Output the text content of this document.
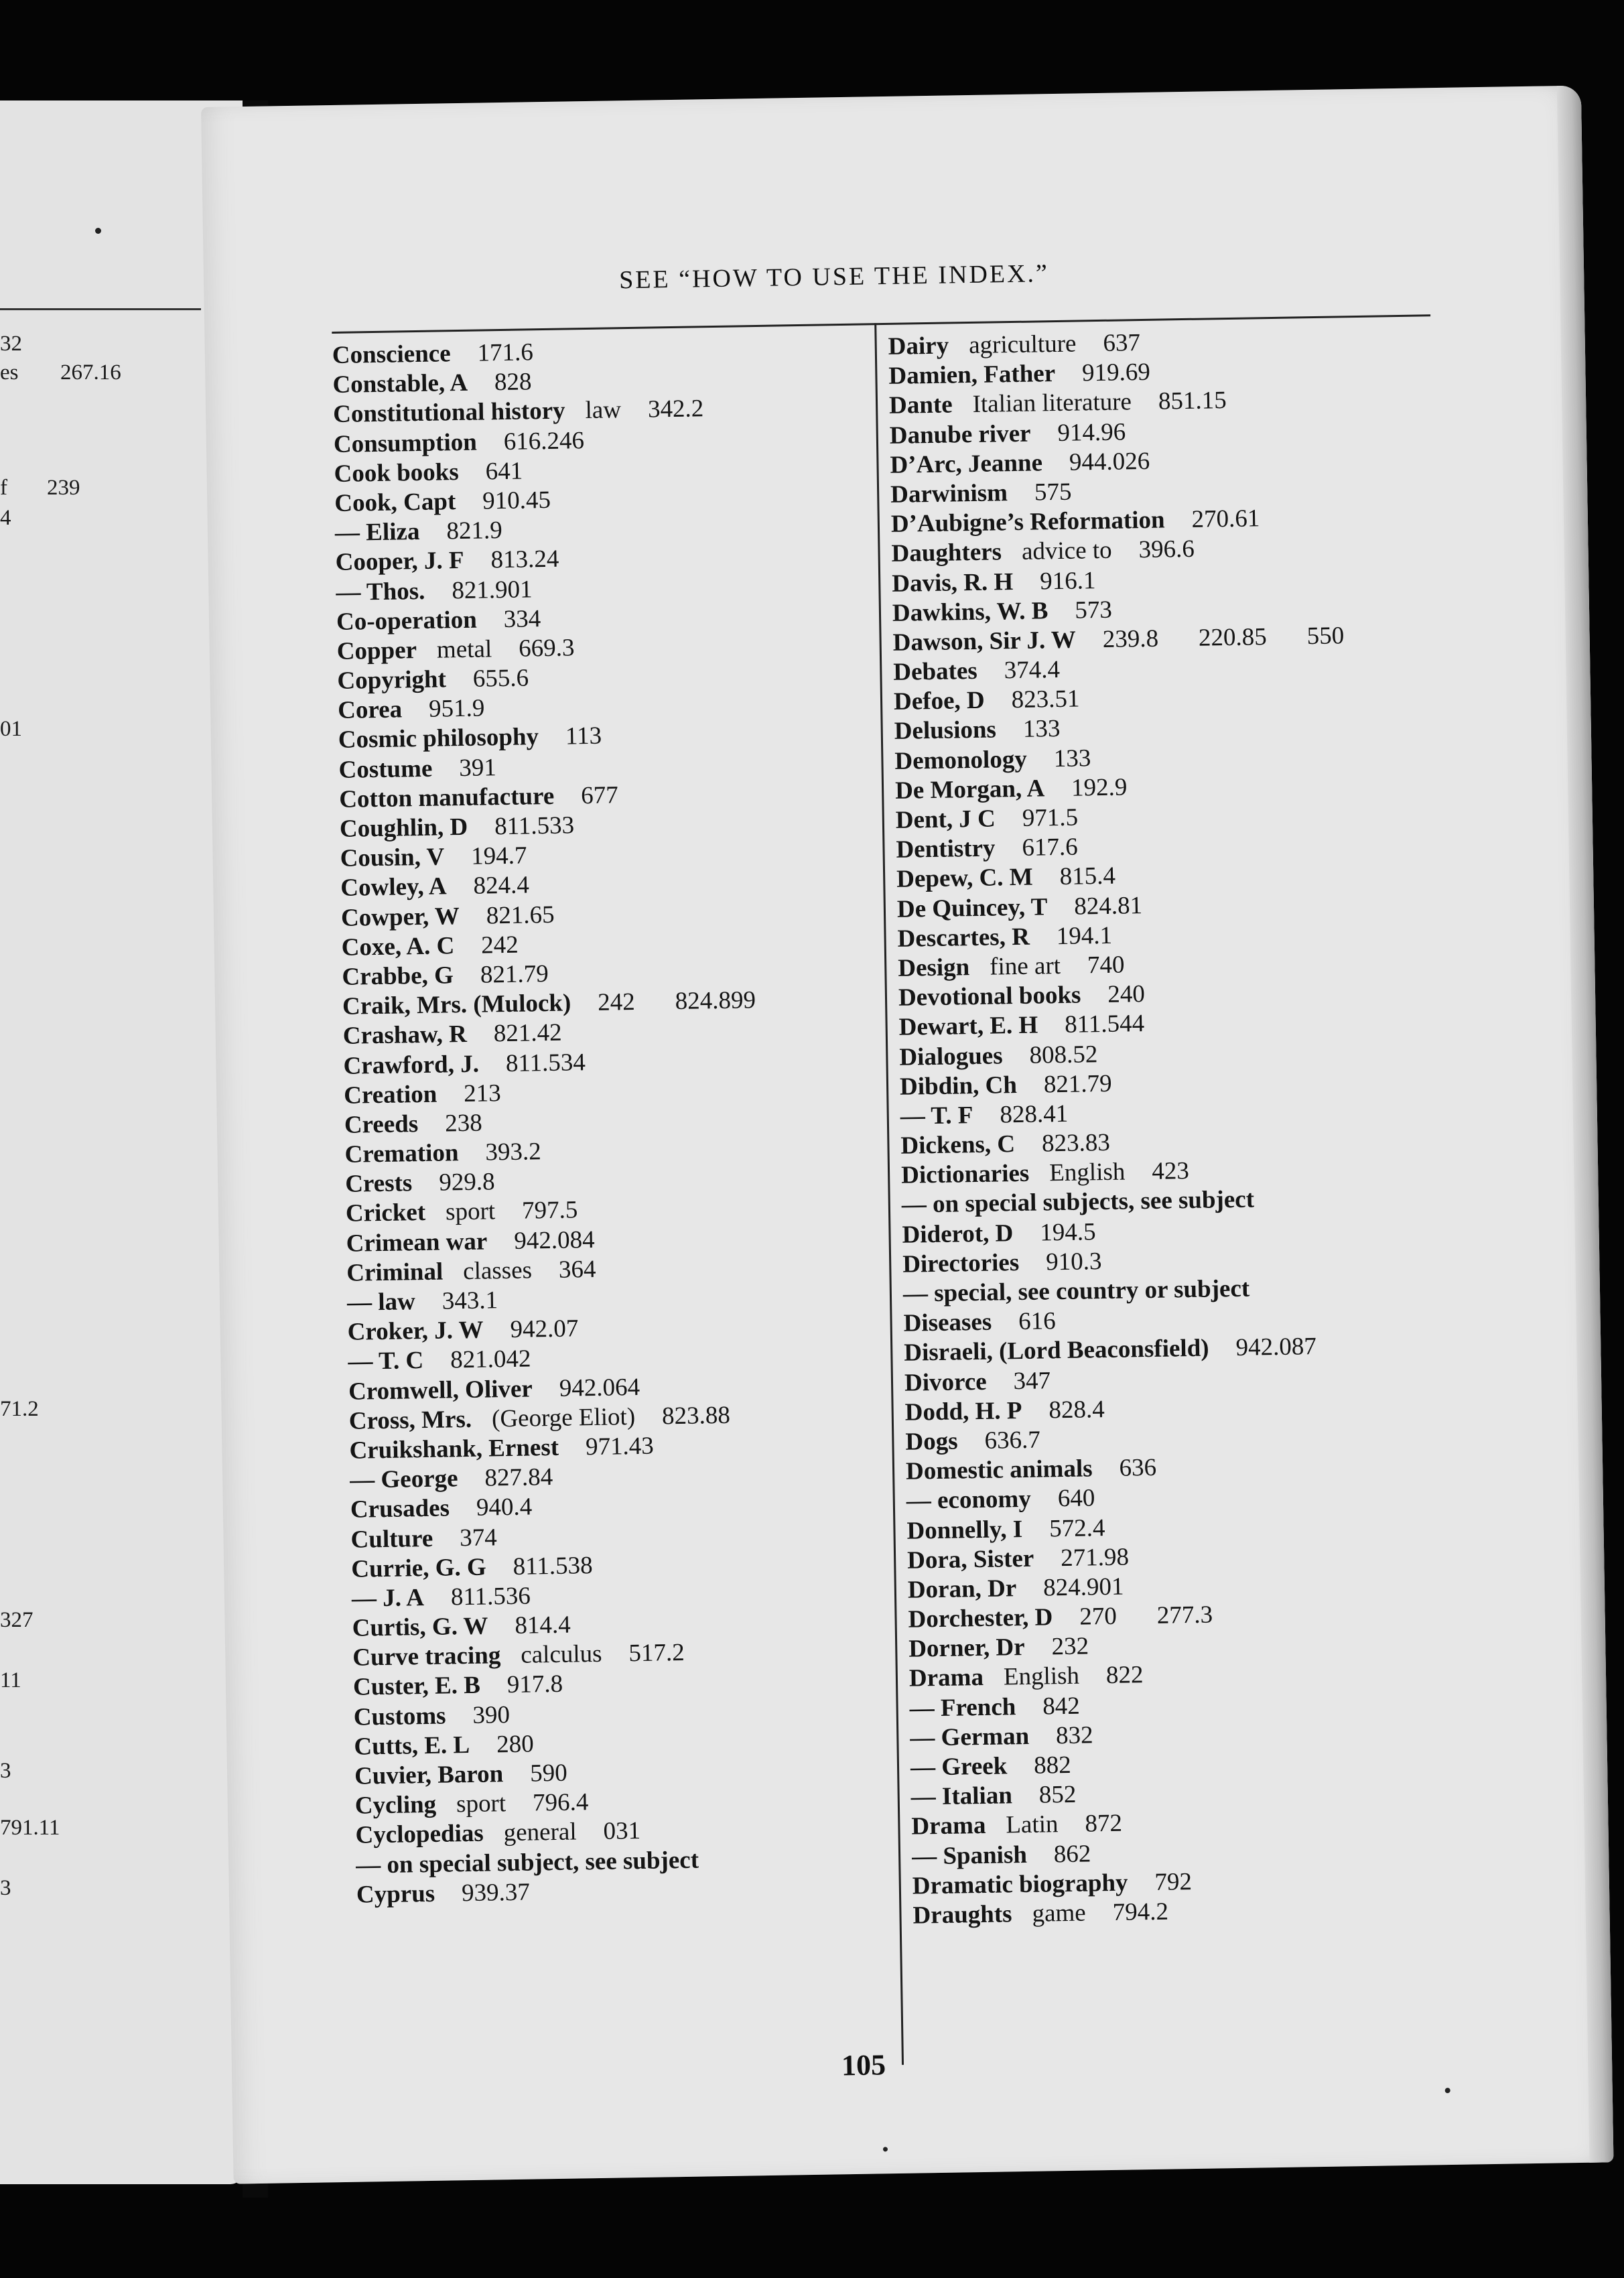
32
es 267.16
f 239
4
01
71.2
327
11
3
791.11
3
SEE “HOW TO USE THE INDEX.”
Conscience 171.6
Constable, A 828
Constitutional history law 342.2
Consumption 616.246
Cook books 641
Cook, Capt 910.45
— Eliza 821.9
Cooper, J. F 813.24
— Thos. 821.901
Co-operation 334
Copper metal 669.3
Copyright 655.6
Corea 951.9
Cosmic philosophy 113
Costume 391
Cotton manufacture 677
Coughlin, D 811.533
Cousin, V 194.7
Cowley, A 824.4
Cowper, W 821.65
Coxe, A. C 242
Crabbe, G 821.79
Craik, Mrs. (Mulock) 242 824.899
Crashaw, R 821.42
Crawford, J. 811.534
Creation 213
Creeds 238
Cremation 393.2
Crests 929.8
Cricket sport 797.5
Crimean war 942.084
Criminal classes 364
— law 343.1
Croker, J. W 942.07
— T. C 821.042
Cromwell, Oliver 942.064
Cross, Mrs. (George Eliot) 823.88
Cruikshank, Ernest 971.43
— George 827.84
Crusades 940.4
Culture 374
Currie, G. G 811.538
— J. A 811.536
Curtis, G. W 814.4
Curve tracing calculus 517.2
Custer, E. B 917.8
Customs 390
Cutts, E. L 280
Cuvier, Baron 590
Cycling sport 796.4
Cyclopedias general 031
— on special subject, see subject
Cyprus 939.37
Dairy agriculture 637
Damien, Father 919.69
Dante Italian literature 851.15
Danube river 914.96
D’Arc, Jeanne 944.026
Darwinism 575
D’Aubigne’s Reformation 270.61
Daughters advice to 396.6
Davis, R. H 916.1
Dawkins, W. B 573
Dawson, Sir J. W 239.8 220.85 550
Debates 374.4
Defoe, D 823.51
Delusions 133
Demonology 133
De Morgan, A 192.9
Dent, J C 971.5
Dentistry 617.6
Depew, C. M 815.4
De Quincey, T 824.81
Descartes, R 194.1
Design fine art 740
Devotional books 240
Dewart, E. H 811.544
Dialogues 808.52
Dibdin, Ch 821.79
— T. F 828.41
Dickens, C 823.83
Dictionaries English 423
— on special subjects, see subject
Diderot, D 194.5
Directories 910.3
— special, see country or subject
Diseases 616
Disraeli, (Lord Beaconsfield) 942.087
Divorce 347
Dodd, H. P 828.4
Dogs 636.7
Domestic animals 636
— economy 640
Donnelly, I 572.4
Dora, Sister 271.98
Doran, Dr 824.901
Dorchester, D 270 277.3
Dorner, Dr 232
Drama English 822
— French 842
— German 832
— Greek 882
— Italian 852
Drama Latin 872
— Spanish 862
Dramatic biography 792
Draughts game 794.2
105
